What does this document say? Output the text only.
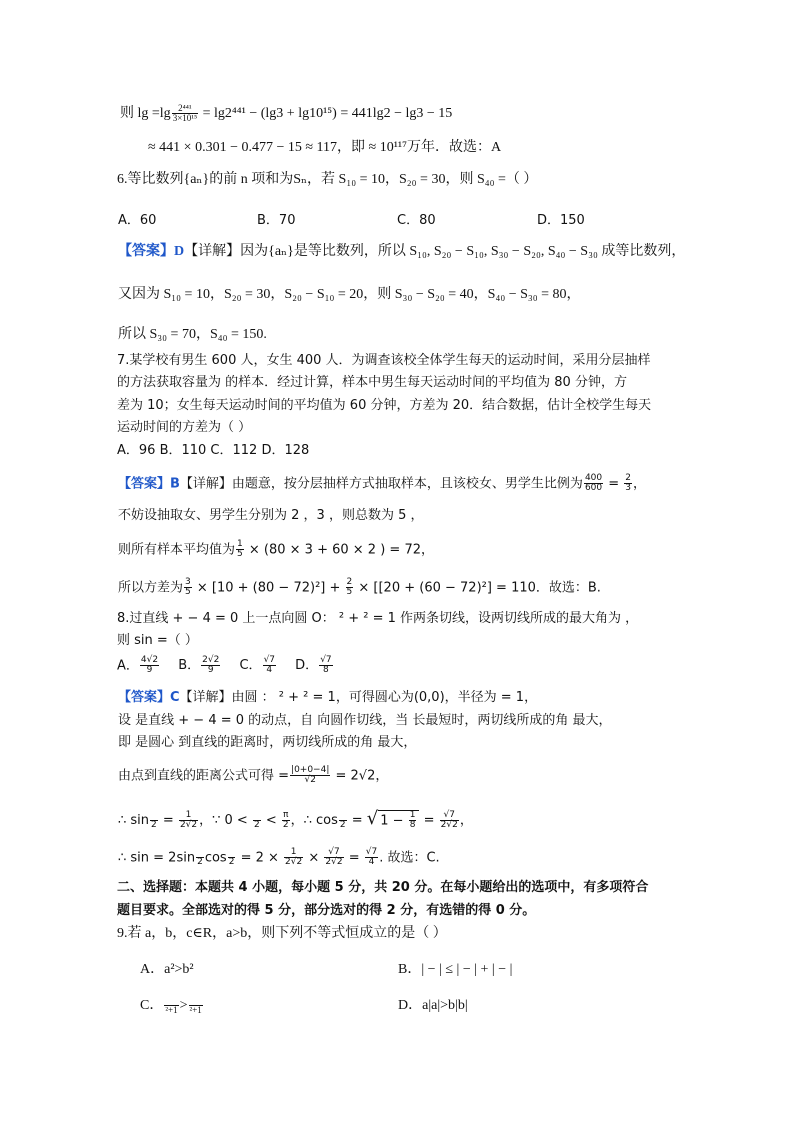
则 $\lg =\lg \frac{\text{2⁴⁴¹}}{\text{3×10¹⁵}} = \lg 2^{441} - (\lg 3 + \lg 10^{15}) = 441\lg 2 - \lg 3 - 15$
≈ 441 × 0.301 − 0.477 − 15 ≈ 117，即 ≈ 10¹¹⁷万年．故选：A
6.等比数列{aₙ}的前 n 项和为Sₙ，若 S₁₀ = 10，S₂₀ = 30，则 S₄₀ =（ ）
A．60	B．70	C．80	D．150
【答案】D【详解】因为{aₙ}是等比数列，所以 S₁₀, S₂₀ − S₁₀, S₃₀ − S₂₀, S₄₀ − S₃₀ 成等比数列，
又因为 S₁₀ = 10，S₂₀ = 30，S₂₀ − S₁₀ = 20，则 S₃₀ − S₂₀ = 40，S₄₀ − S₃₀ = 80，
所以 S₃₀ = 70，S₄₀ = 150.
7.某学校有男生 600 人，女生 400 人．为调查该校全体学生每天的运动时间，采用分层抽样
的方法获取容量为 的样本．经过计算，样本中男生每天运动时间的平均值为 80 分钟，方
差为 10；女生每天运动时间的平均值为 60 分钟，方差为 20．结合数据，估计全校学生每天
运动时间的方差为（ ）
A．96 B．110 C．112 D．128
【答案】B【详解】由题意，按分层抽样方式抽取样本，且该校女、男学生比例为 $\frac{400}{600} = \frac{2}{3}$ ，
不妨设抽取女、男学生分别为 2 ，3 ，则总数为 5 ，
则所有样本平均值为 $\frac{1}{5} \times (80 \times 3 + 60 \times 2$ ) = 72，
所以方差为 $\frac{3}{5} \times [10 + (80 - 72)^2] + \frac{2}{5} \times [[20 + (60 - 72)^2] = 110$．故选：B.
8.过直线 + − 4 = 0 上一点向圆 O： ² + ² = 1 作两条切线，设两切线所成的最大角为 ，
则 sin =（ ）
A． $\frac{4√2}{9}$ B． $\frac{2√2}{9}$ C． $\frac{√7}{4}$ D． $\frac{√7}{8}$
【答案】C【详解】由圆 ： ² + ² = 1，可得圆心为(0,0)，半径为 = 1，
设 是直线 + − 4 = 0 的动点，自 向圆作切线，当 长最短时，两切线所成的角 最大，
即 是圆心 到直线的距离时，两切线所成的角 最大，
由点到直线的距离公式可得 = $\frac{|0+0-4|}{√2} = 2√2$，
∴ sin
$2 = \frac{1}{2√2}$ ，∵ 0 <
$2 < \frac{\pi}{2}$ ，∴ cos
2 = √ $1 - \frac{1}{8} = \frac{√7}{2√2}$ ，
∴ sin = 2sin
2 cos
$2 = 2 \times \frac{1}{2√2} \times \frac{√7}{2√2} = \frac{√7}{4}$ . 故选：C.
二、选择题：本题共 4 小题，每小题 5 分，共 20 分。在每小题给出的选项中，有多项符合
题目要求。全部选对的得 5 分，部分选对的得 2 分，有选错的得 0 分。
9.若 a，b，c∈R，a>b，则下列不等式恒成立的是（ ）
A．a²>b²	B．| − | ≤ | − | + | − |
C．
²+1 >
²+1	D．a|a|>b|b|
